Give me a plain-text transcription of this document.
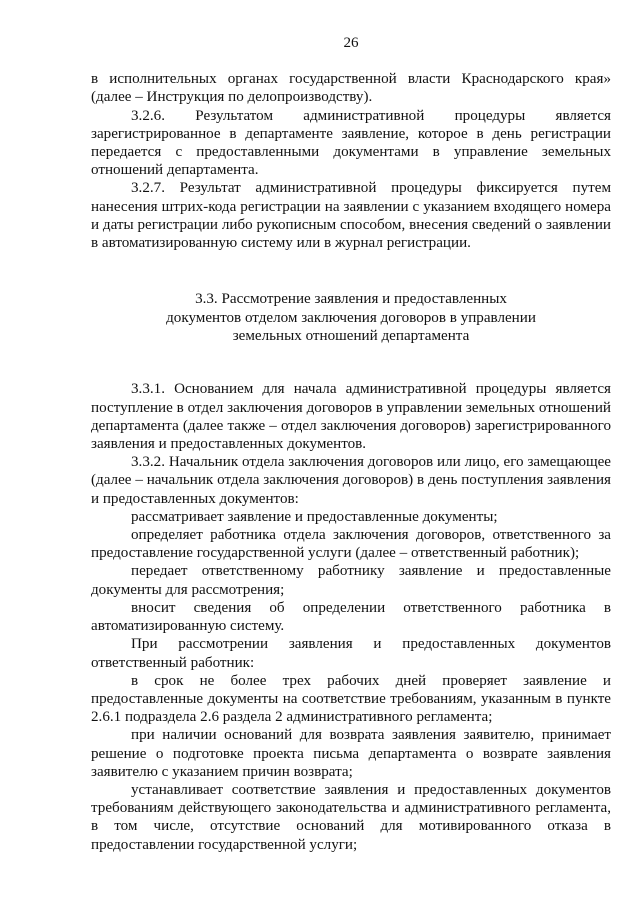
26

в исполнительных органах государственной власти Краснодарского края» (далее – Инструкция по делопроизводству).

3.2.6. Результатом административной процедуры является зарегистрированное в департаменте заявление, которое в день регистрации передается с предоставленными документами в управление земельных отношений департамента.

3.2.7. Результат административной процедуры фиксируется путем нанесения штрих-кода регистрации на заявлении с указанием входящего номера и даты регистрации либо рукописным способом, внесения сведений о заявлении в автоматизированную систему или в журнал регистрации.

3.3. Рассмотрение заявления и предоставленных
документов отделом заключения договоров в управлении
земельных отношений департамента

3.3.1. Основанием для начала административной процедуры является поступление в отдел заключения договоров в управлении земельных отношений департамента (далее также – отдел заключения договоров) зарегистрированного заявления и предоставленных документов.

3.3.2. Начальник отдела заключения договоров или лицо, его замещающее (далее – начальник отдела заключения договоров) в день поступления заявления и предоставленных документов:

рассматривает заявление и предоставленные документы;

определяет работника отдела заключения договоров, ответственного за предоставление государственной услуги (далее – ответственный работник);

передает ответственному работнику заявление и предоставленные документы для рассмотрения;

вносит сведения об определении ответственного работника в автоматизированную систему.

При рассмотрении заявления и предоставленных документов ответственный работник:

в срок не более трех рабочих дней проверяет заявление и предоставленные документы на соответствие требованиям, указанным в пункте 2.6.1 подраздела 2.6 раздела 2 административного регламента;

при наличии оснований для возврата заявления заявителю, принимает решение о подготовке проекта письма департамента о возврате заявления заявителю с указанием причин возврата;

устанавливает соответствие заявления и предоставленных документов требованиям действующего законодательства и административного регламента, в том числе, отсутствие оснований для мотивированного отказа в предоставлении государственной услуги;
